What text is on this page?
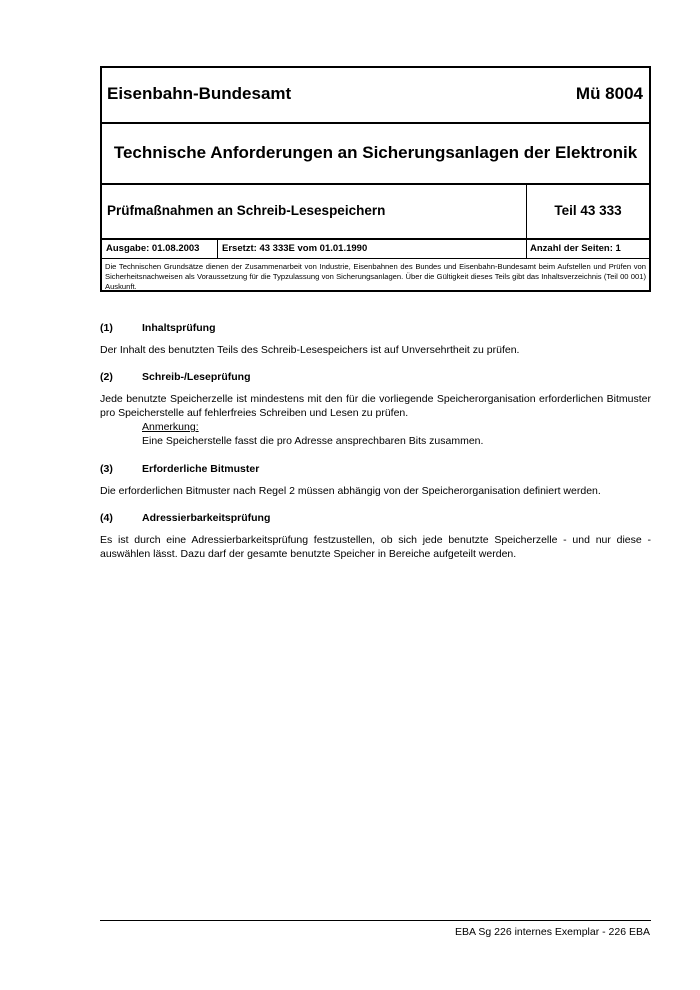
Eisenbahn-Bundesamt	Mü 8004
Technische Anforderungen an Sicherungsanlagen der Elektronik
Prüfmaßnahmen an Schreib-Lesespeichern	Teil 43 333
Ausgabe: 01.08.2003 Ersetzt: 43 333E vom 01.01.1990	Anzahl der Seiten: 1
Die Technischen Grundsätze dienen der Zusammenarbeit von Industrie, Eisenbahnen des Bundes und Eisenbahn-Bundesamt beim Aufstellen und Prüfen von Sicherheitsnachweisen als Voraussetzung für die Typzulassung von Sicherungsanlagen. Über die Gültigkeit dieses Teils gibt das Inhaltsverzeichnis (Teil 00 001) Auskunft.
(1)	Inhaltsprüfung
Der Inhalt des benutzten Teils des Schreib-Lesespeichers ist auf Unversehrtheit zu prüfen.
(2)	Schreib-/Leseprüfung
Jede benutzte Speicherzelle ist mindestens mit den für die vorliegende Speicherorganisation erforderlichen Bitmuster pro Speicherstelle auf fehlerfreies Schreiben und Lesen zu prüfen.
Anmerkung:
Eine Speicherstelle fasst die pro Adresse ansprechbaren Bits zusammen.
(3)	Erforderliche Bitmuster
Die erforderlichen Bitmuster nach Regel 2 müssen abhängig von der Speicherorganisation definiert werden.
(4)	Adressierbarkeitsprüfung
Es ist durch eine Adressierbarkeitsprüfung festzustellen, ob sich jede benutzte Speicherzelle - und nur diese - auswählen lässt. Dazu darf der gesamte benutzte Speicher in Bereiche aufgeteilt werden.
EBA Sg 226 internes Exemplar - 226 EBA
